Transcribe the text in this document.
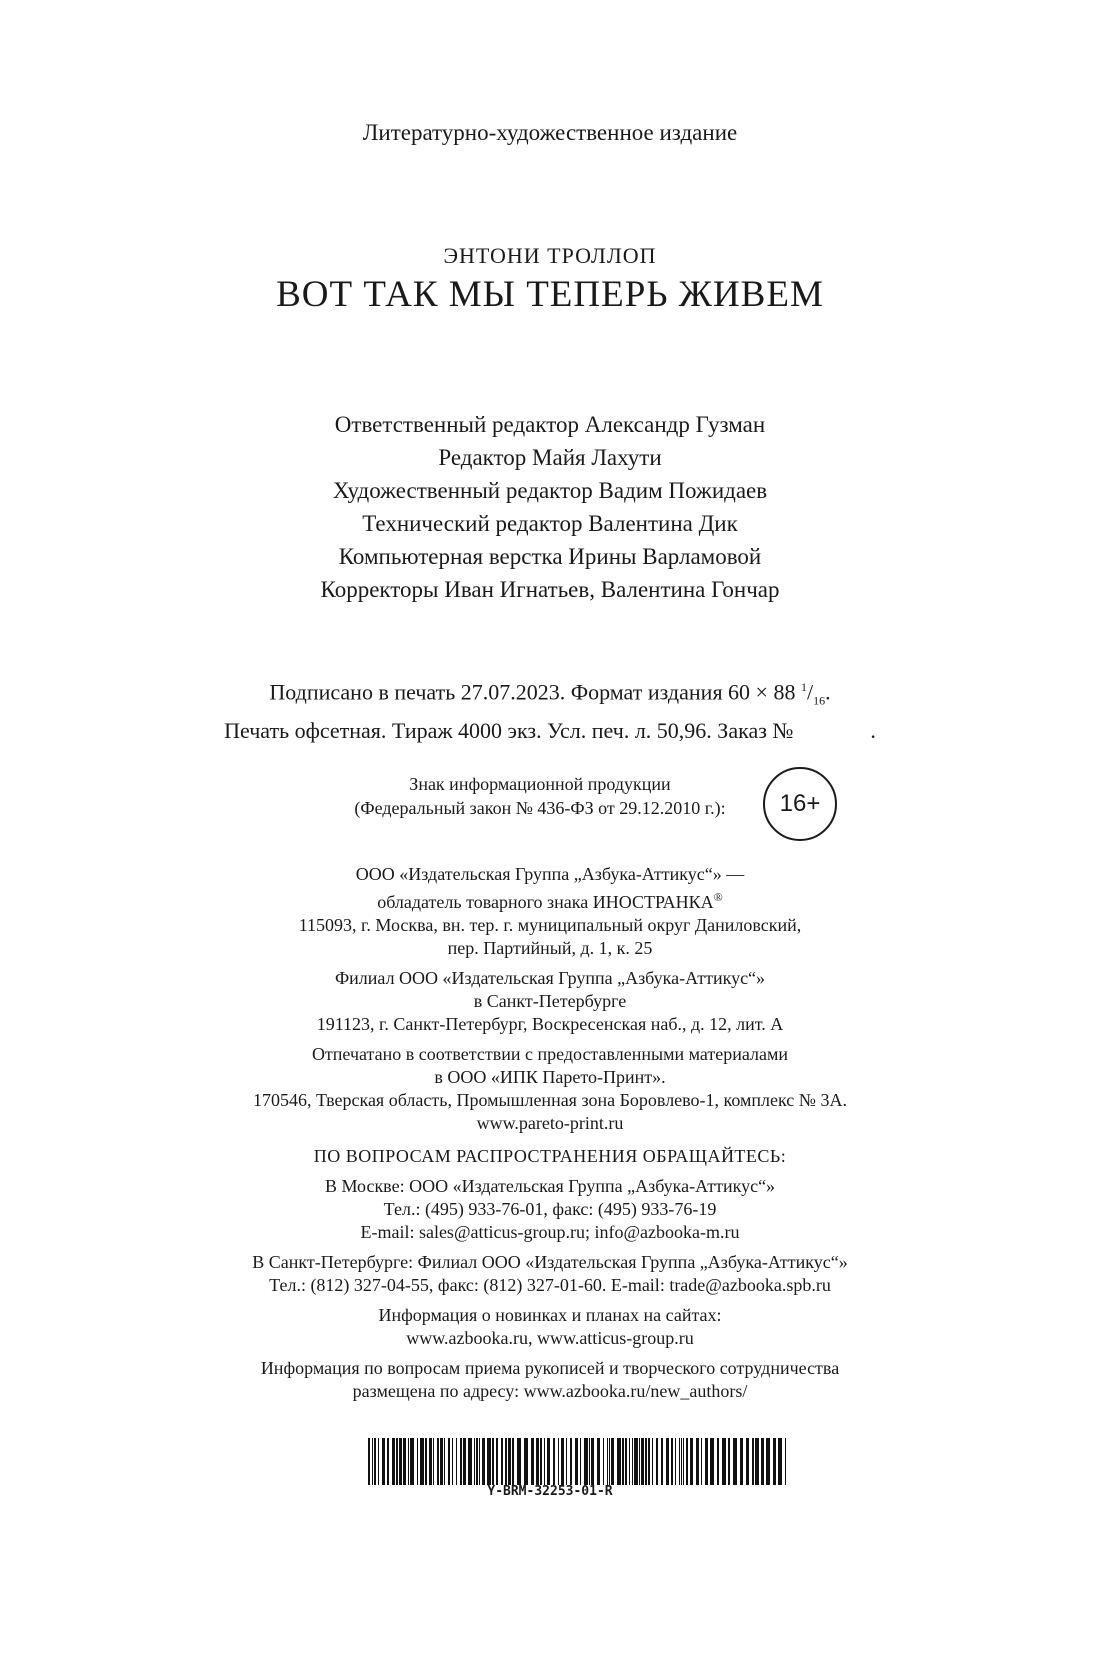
Литературно-художественное издание
ЭНТОНИ ТРОЛЛОП
ВОТ ТАК МЫ ТЕПЕРЬ ЖИВЕМ
Ответственный редактор Александр Гузман
Редактор Майя Лахути
Художественный редактор Вадим Пожидаев
Технический редактор Валентина Дик
Компьютерная верстка Ирины Варламовой
Корректоры Иван Игнатьев, Валентина Гончар
Подписано в печать 27.07.2023. Формат издания 60 × 88 $^1/_{16}$.
Печать офсетная. Тираж 4000 экз. Усл. печ. л. 50,96. Заказ №              .
Знак информационной продукции
(Федеральный закон № 436-ФЗ от 29.12.2010 г.):	16+
ООО «Издательская Группа „Азбука-Аттикус“» —
обладатель товарного знака ИНОСТРАНКА®
115093, г. Москва, вн. тер. г. муниципальный округ Даниловский,
пер. Партийный, д. 1, к. 25
Филиал ООО «Издательская Группа „Азбука-Аттикус“»
в Санкт-Петербурге
191123, г. Санкт-Петербург, Воскресенская наб., д. 12, лит. А
Отпечатано в соответствии с предоставленными материалами
в ООО «ИПК Парето-Принт».
170546, Тверская область, Промышленная зона Боровлево-1, комплекс № 3А.
www.pareto-print.ru
ПО ВОПРОСАМ РАСПРОСТРАНЕНИЯ ОБРАЩАЙТЕСЬ:
В Москве: ООО «Издательская Группа „Азбука-Аттикус“»
Тел.: (495) 933-76-01, факс: (495) 933-76-19
E-mail: sales@atticus-group.ru; info@azbooka-m.ru
В Санкт-Петербурге: Филиал ООО «Издательская Группа „Азбука-Аттикус“»
Тел.: (812) 327-04-55, факс: (812) 327-01-60. E-mail: trade@azbooka.spb.ru
Информация о новинках и планах на сайтах:
www.azbooka.ru, www.atticus-group.ru
Информация по вопросам приема рукописей и творческого сотрудничества
размещена по адресу: www.azbooka.ru/new_authors/
Y-BRM-32253-01-R
